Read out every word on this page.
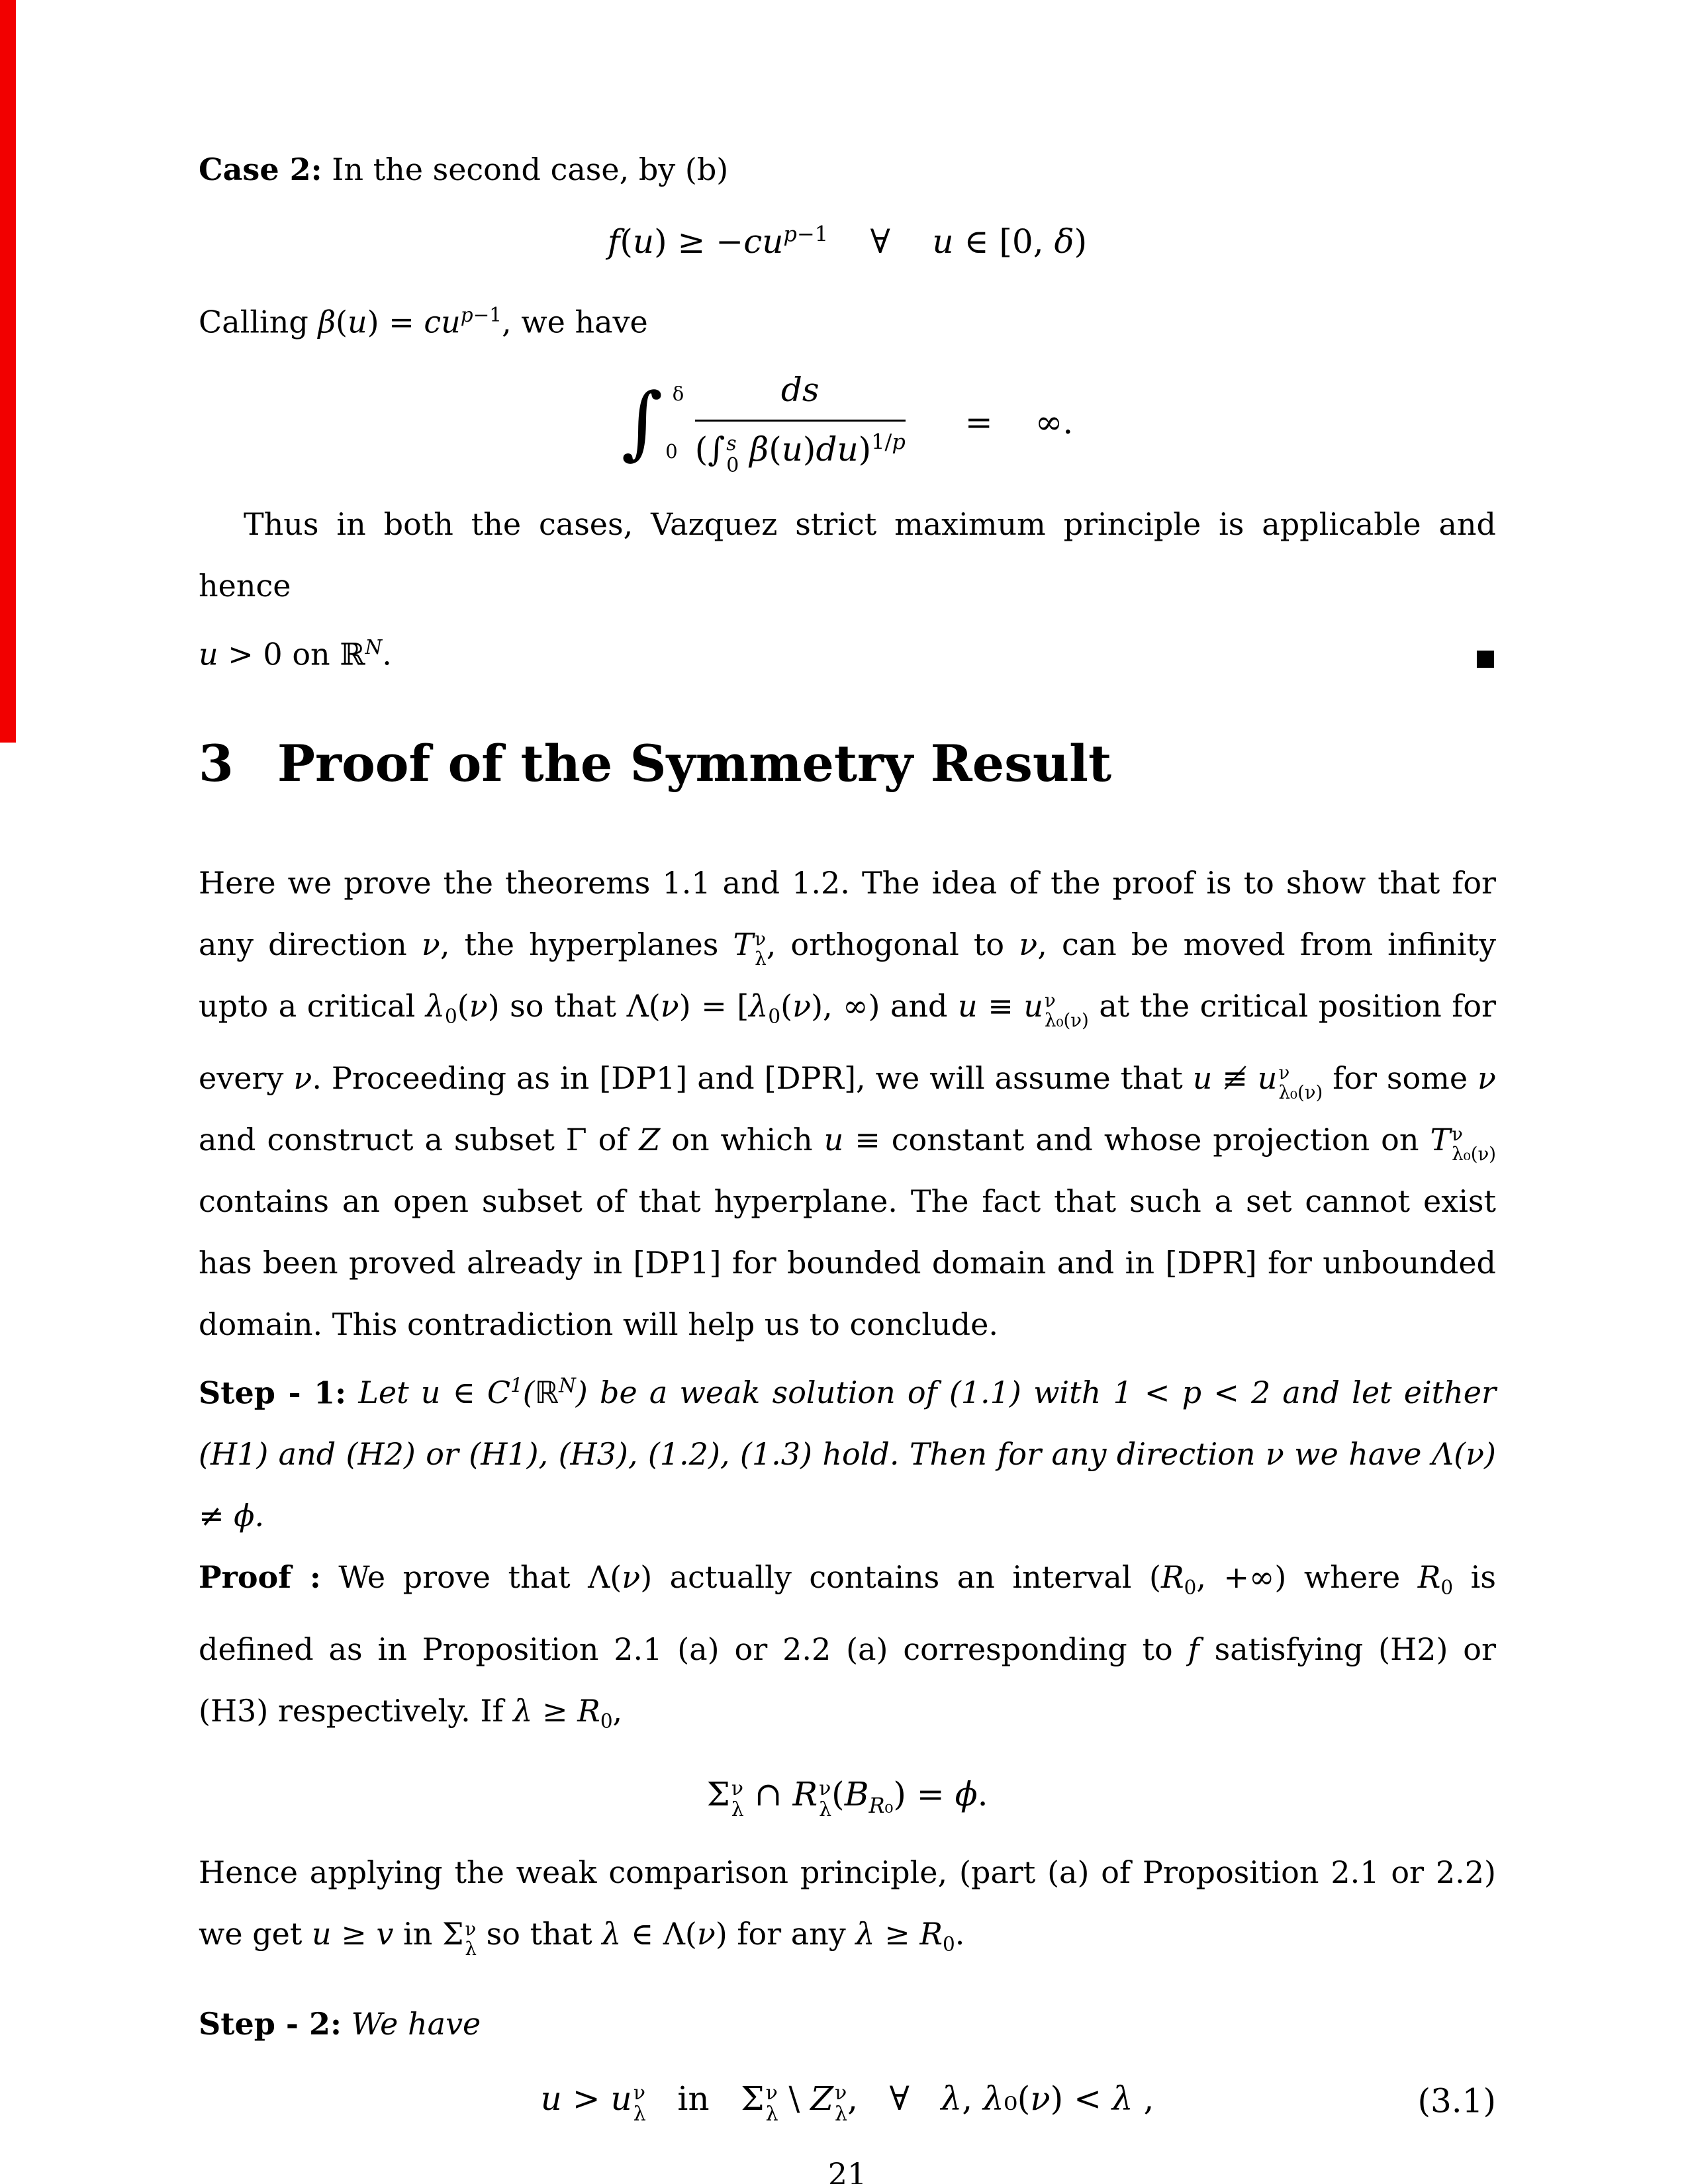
Case 2: In the second case, by (b)

$f(u) \ge -cu^{p-1}$    ∀    u ∈ [0, δ)

Calling $\beta(u) = cu^{p-1}$, we have

∫ δ
0 ds
(∫ s
0 β(u)du)$^{1/p}$ = ∞.

Thus in both the cases, Vazquez strict maximum principle is applicable and hence

u > 0 on ℝ$^N$.	■

3 Proof of the Symmetry Result

Here we prove the theorems 1.1 and 1.2. The idea of the proof is to show that for any direction ν, the hyperplanes T ν
λ , orthogonal to ν, can be moved from infinity upto a critical $\lambda_0(\nu)$ so that $\Lambda(\nu) = [\lambda_0(\nu)$, ∞) and u ≡ u ν
λ₀(ν) at the critical position for every ν. Proceeding as in [DP1] and [DPR], we will assume that u ≢ u ν
λ₀(ν) for some ν and construct a subset Γ of Z on which u ≡ constant and whose projection on T ν
λ₀(ν)
contains an open subset of that hyperplane. The fact that such a set cannot exist has been proved already in [DP1] for bounded domain and in [DPR] for unbounded domain. This contradiction will help us to conclude.

Step - 1: Let u ∈ $C^1(ℝ^N)$ be a weak solution of (1.1) with 1 < p < 2 and let either (H1) and (H2) or (H1), (H3), (1.2), (1.3) hold. Then for any direction ν we have Λ(ν) ≠ ϕ.

Proof : We prove that Λ(ν) actually contains an interval ($R_0$, +∞) where $R_0$ is defined as in Proposition 2.1 (a) or 2.2 (a) corresponding to f satisfying (H2) or (H3) respectively. If $\lambda \ge R_0$,

Σ ν
λ ∩ R ν
λ $(B_{R_0}) = \phi$.

Hence applying the weak comparison principle, (part (a) of Proposition 2.1 or 2.2) we get u ≥ v in Σ ν
λ so that λ ∈ Λ(ν) for any $\lambda \ge R_0$.

Step - 2: We have

u > u ν
λ in   Σ ν
λ \ Z ν
λ ,   ∀   λ, λ₀(ν) < λ ,	(3.1)
21
